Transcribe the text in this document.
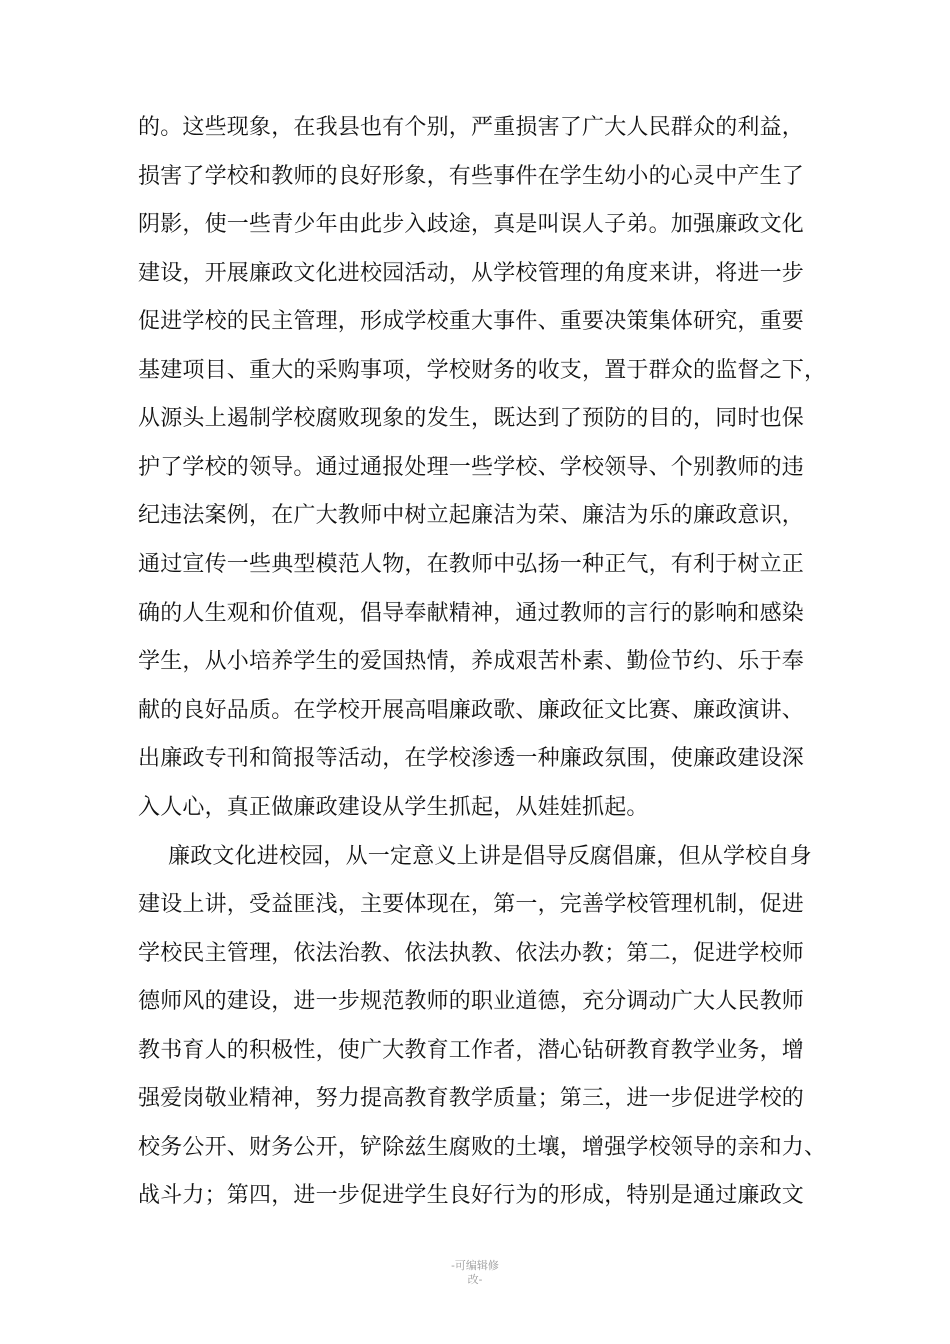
的。这些现象，在我县也有个别，严重损害了广大人民群众的利益，
损害了学校和教师的良好形象，有些事件在学生幼小的心灵中产生了
阴影，使一些青少年由此步入歧途，真是叫误人子弟。加强廉政文化
建设，开展廉政文化进校园活动，从学校管理的角度来讲，将进一步
促进学校的民主管理，形成学校重大事件、重要决策集体研究，重要
基建项目、重大的采购事项，学校财务的收支，置于群众的监督之下，
从源头上遏制学校腐败现象的发生，既达到了预防的目的，同时也保
护了学校的领导。通过通报处理一些学校、学校领导、个别教师的违
纪违法案例，在广大教师中树立起廉洁为荣、廉洁为乐的廉政意识，
通过宣传一些典型模范人物，在教师中弘扬一种正气，有利于树立正
确的人生观和价值观，倡导奉献精神，通过教师的言行的影响和感染
学生，从小培养学生的爱国热情，养成艰苦朴素、勤俭节约、乐于奉
献的良好品质。在学校开展高唱廉政歌、廉政征文比赛、廉政演讲、
出廉政专刊和简报等活动，在学校渗透一种廉政氛围，使廉政建设深
入人心，真正做廉政建设从学生抓起，从娃娃抓起。
廉政文化进校园，从一定意义上讲是倡导反腐倡廉，但从学校自身
建设上讲，受益匪浅，主要体现在，第一，完善学校管理机制，促进
学校民主管理，依法治教、依法执教、依法办教；第二，促进学校师
德师风的建设，进一步规范教师的职业道德，充分调动广大人民教师
教书育人的积极性，使广大教育工作者，潜心钻研教育教学业务，增
强爱岗敬业精神，努力提高教育教学质量；第三，进一步促进学校的
校务公开、财务公开，铲除兹生腐败的土壤，增强学校领导的亲和力、
战斗力；第四，进一步促进学生良好行为的形成，特别是通过廉政文
-可编辑修
改-
